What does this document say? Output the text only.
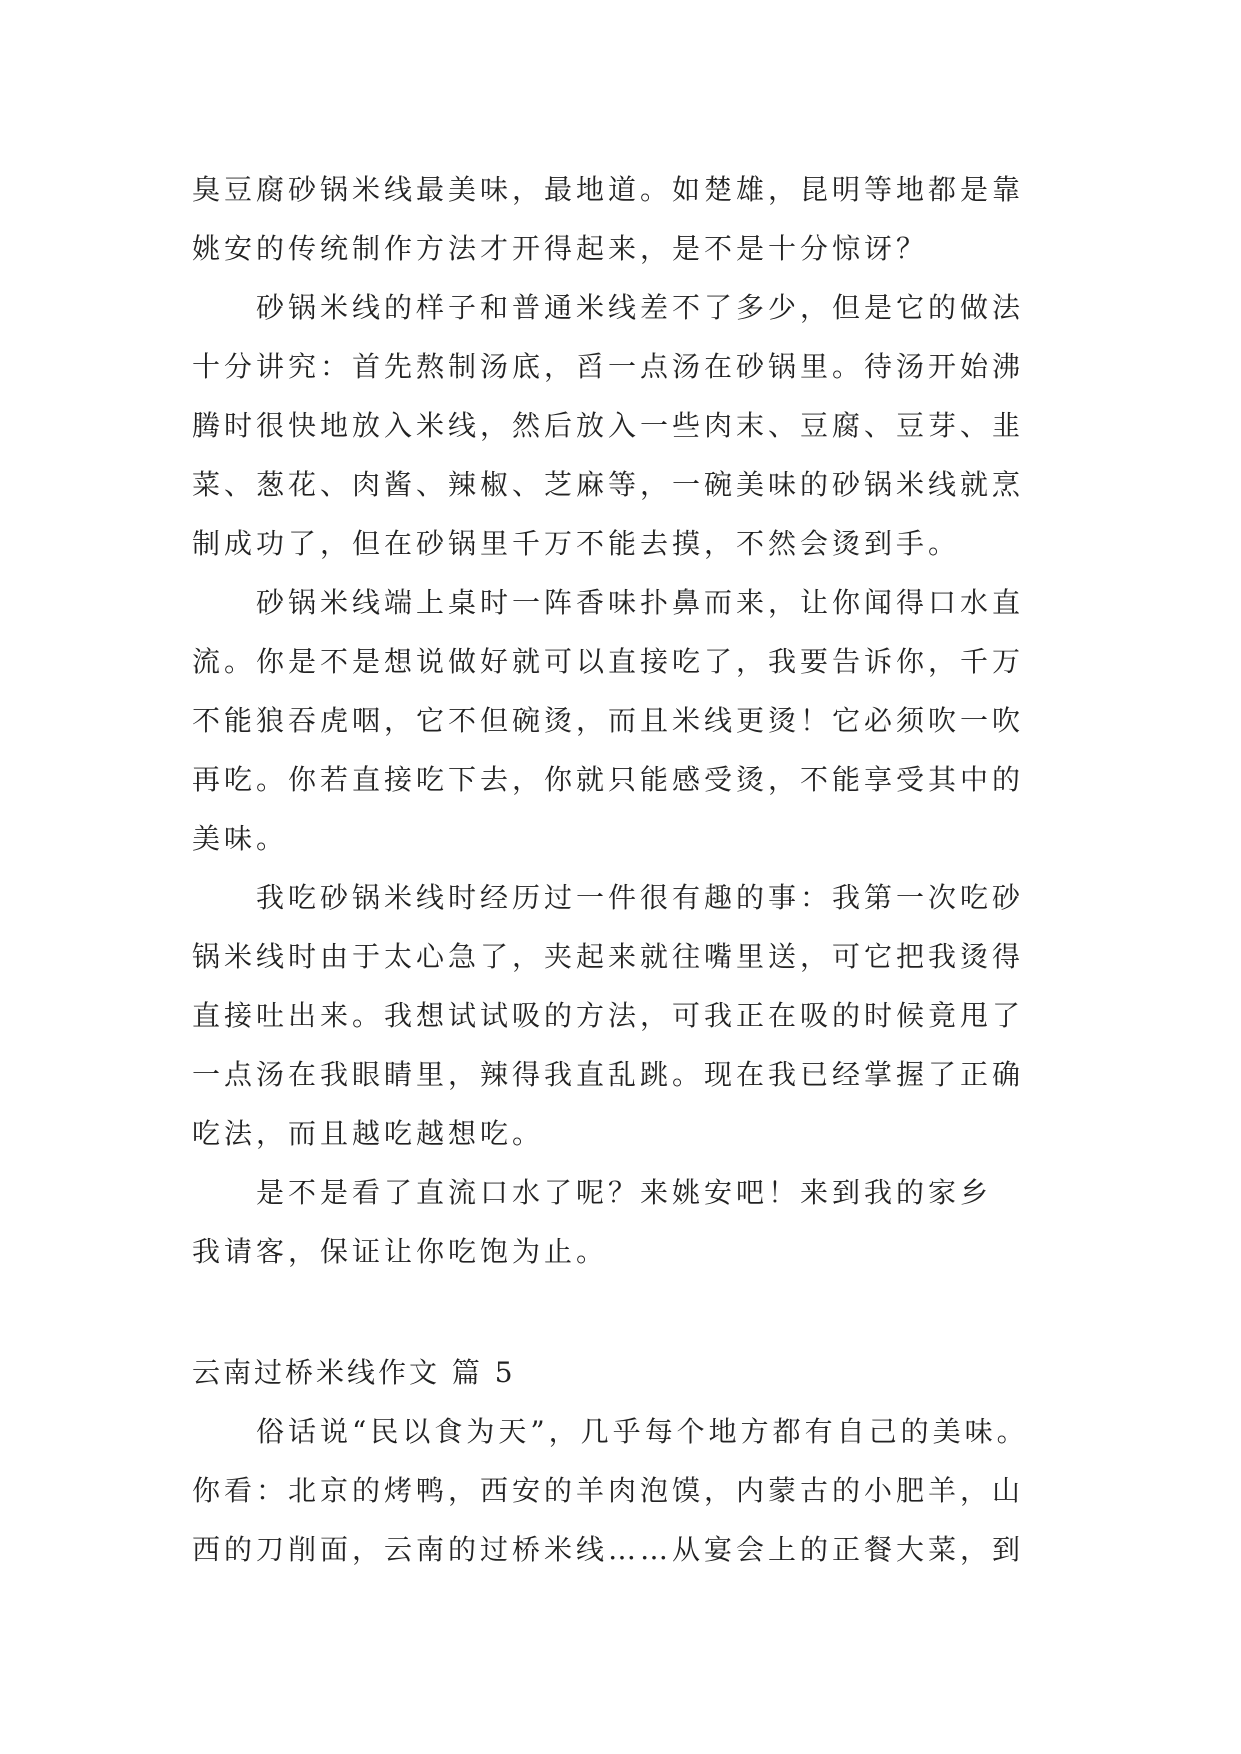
臭豆腐砂锅米线最美味，最地道。如楚雄，昆明等地都是靠
姚安的传统制作方法才开得起来，是不是十分惊讶？
　　砂锅米线的样子和普通米线差不了多少，但是它的做法
十分讲究：首先熬制汤底，舀一点汤在砂锅里。待汤开始沸
腾时很快地放入米线，然后放入一些肉末、豆腐、豆芽、韭
菜、葱花、肉酱、辣椒、芝麻等，一碗美味的砂锅米线就烹
制成功了，但在砂锅里千万不能去摸，不然会烫到手。
　　砂锅米线端上桌时一阵香味扑鼻而来，让你闻得口水直
流。你是不是想说做好就可以直接吃了，我要告诉你，千万
不能狼吞虎咽，它不但碗烫，而且米线更烫！它必须吹一吹
再吃。你若直接吃下去，你就只能感受烫，不能享受其中的
美味。
　　我吃砂锅米线时经历过一件很有趣的事：我第一次吃砂
锅米线时由于太心急了，夹起来就往嘴里送，可它把我烫得
直接吐出来。我想试试吸的方法，可我正在吸的时候竟甩了
一点汤在我眼睛里，辣得我直乱跳。现在我已经掌握了正确
吃法，而且越吃越想吃。
　　是不是看了直流口水了呢？来姚安吧！来到我的家乡
我请客，保证让你吃饱为止。
云南过桥米线作文 篇 5
　　俗话说“民以食为天”，几乎每个地方都有自己的美味。
你看：北京的烤鸭，西安的羊肉泡馍，内蒙古的小肥羊，山
西的刀削面，云南的过桥米线……从宴会上的正餐大菜，到
